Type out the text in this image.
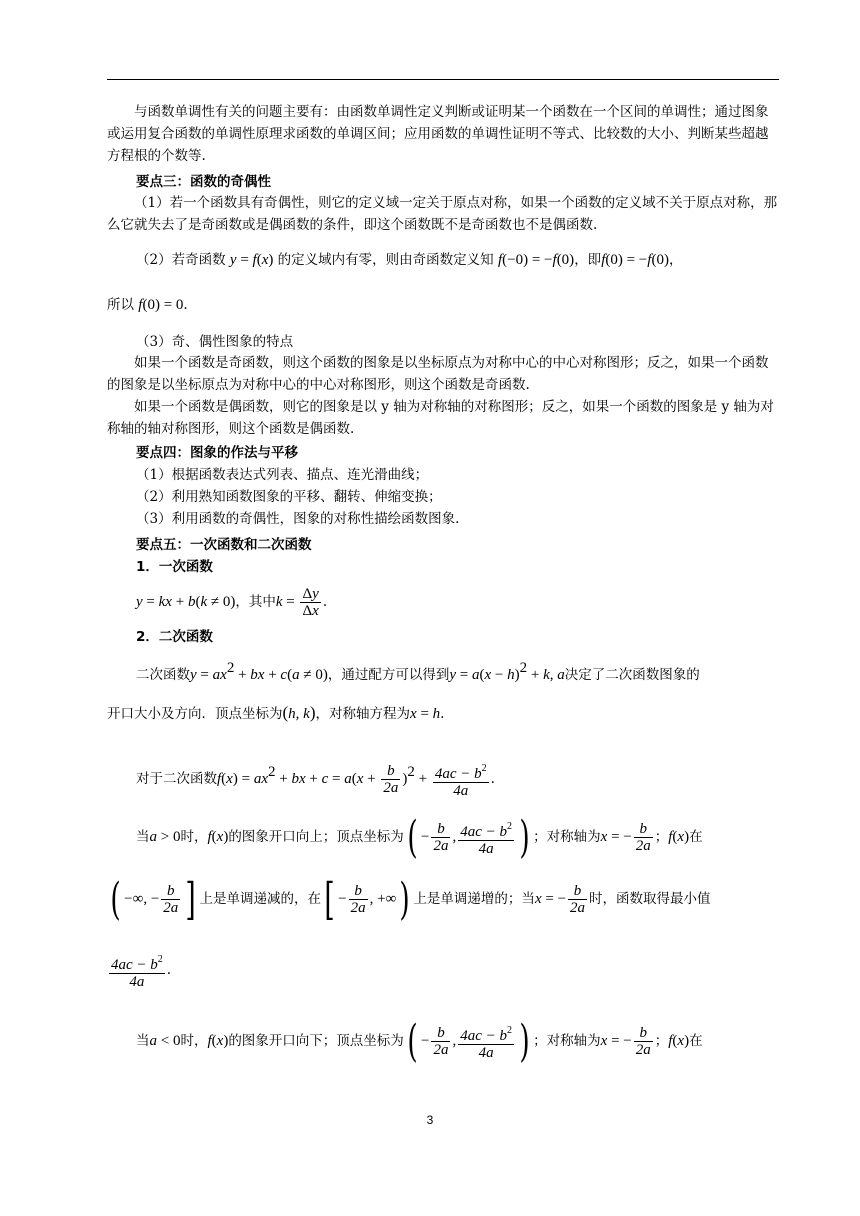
与函数单调性有关的问题主要有：由函数单调性定义判断或证明某一个函数在一个区间的单调性；通过图象或运用复合函数的单调性原理求函数的单调区间；应用函数的单调性证明不等式、比较数的大小、判断某些超越方程根的个数等.
要点三：函数的奇偶性
（1）若一个函数具有奇偶性，则它的定义域一定关于原点对称，如果一个函数的定义域不关于原点对称，那么它就失去了是奇函数或是偶函数的条件，即这个函数既不是奇函数也不是偶函数.
（2）若奇函数 y = f(x) 的定义域内有零，则由奇函数定义知 f(−0) = −f(0)，即f(0) = −f(0)，
所以 f(0) = 0.
（3）奇、偶性图象的特点
如果一个函数是奇函数，则这个函数的图象是以坐标原点为对称中心的中心对称图形；反之，如果一个函数的图象是以坐标原点为对称中心的中心对称图形，则这个函数是奇函数.
如果一个函数是偶函数，则它的图象是以 y 轴为对称轴的对称图形；反之，如果一个函数的图象是 y 轴为对称轴的轴对称图形，则这个函数是偶函数.
要点四：图象的作法与平移
（1）根据函数表达式列表、描点、连光滑曲线；
（2）利用熟知函数图象的平移、翻转、伸缩变换；
（3）利用函数的奇偶性，图象的对称性描绘函数图象.
要点五：一次函数和二次函数
1．一次函数
y = kx + b(k ≠ 0)，其中$k = \frac{\Delta y}{\Delta x}$ .
2．二次函数
二次函数$y = ax^2$ + bx + c(a ≠ 0)，通过配方可以得到$y = a(x - h)^2 + k$, a决定了二次函数图象的
开口大小及方向．顶点坐标为(h, k)，对称轴方程为x = h.
对于二次函数$f(x) = ax^2$ + bx + $c = a(x + \frac{b}{2a} )^2 + \frac{4ac - b^2}{4a}$ .
当a > 0时，f(x)的图象开口向上；顶点坐标为( − $\frac{b}{2a}$ , $\frac{4ac - b^2}{4a}$ ) ；对称轴为x = − $\frac{b}{2a}$ ；f(x)在
( −∞, − $\frac{b}{2a}$ ] 上是单调递减的，在[ − $\frac{b}{2a}$ , +∞) 上是单调递增的；当x = − $\frac{b}{2a}$ 时，函数取得最小值
$\frac{4ac - b^2}{4a}$ .
当a < 0时，f(x)的图象开口向下；顶点坐标为( − $\frac{b}{2a}$ , $\frac{4ac - b^2}{4a}$ ) ；对称轴为x = − $\frac{b}{2a}$ ；f(x)在
3
